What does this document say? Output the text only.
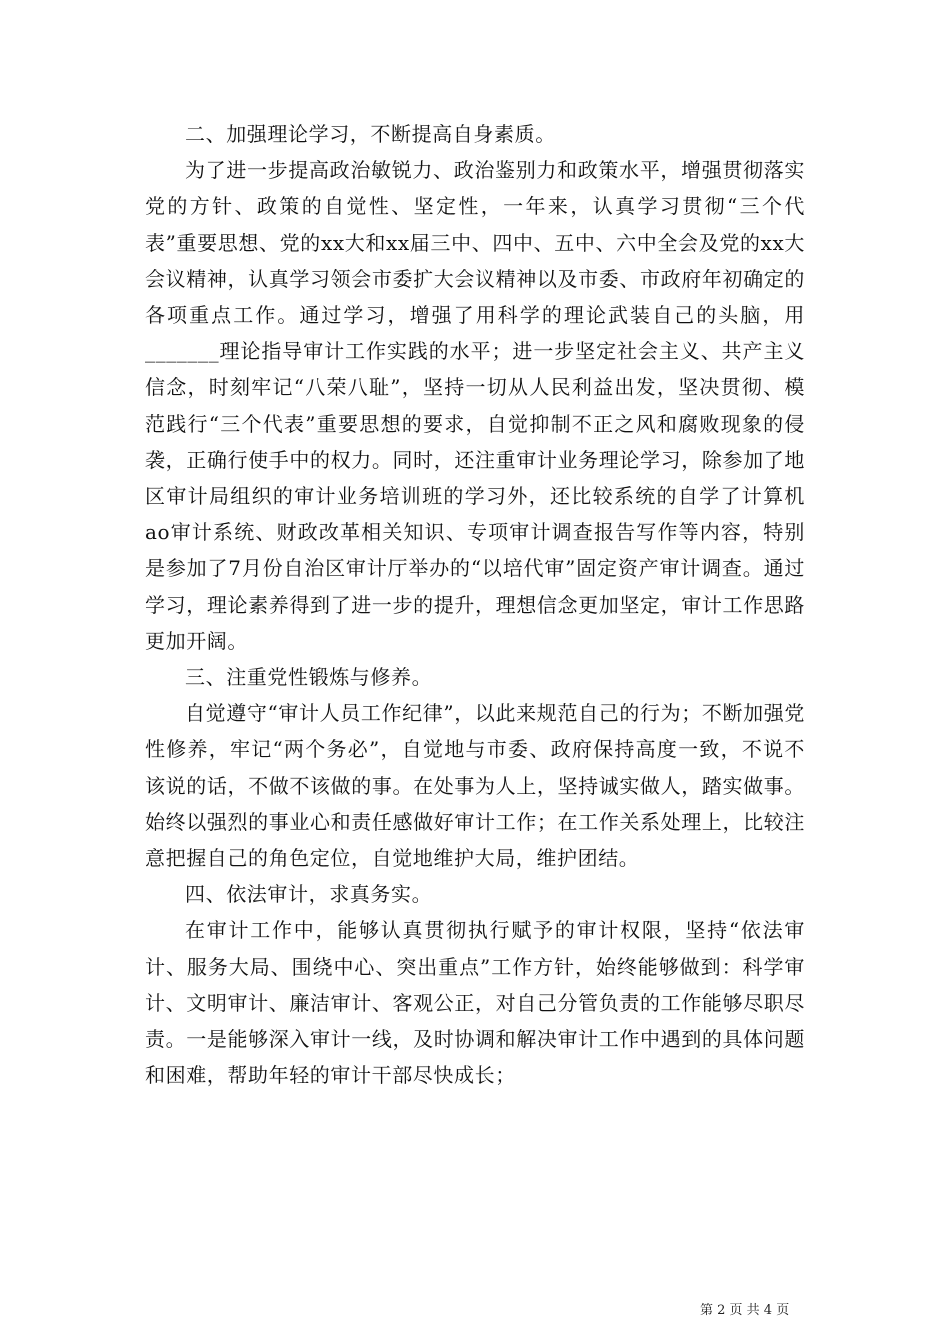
二、加强理论学习，不断提高自身素质。

为了进一步提高政治敏锐力、政治鉴别力和政策水平，增强贯彻落实党的方针、政策的自觉性、坚定性，一年来，认真学习贯彻“三个代表”重要思想、党的xx大和xx届三中、四中、五中、六中全会及党的xx大会议精神，认真学习领会市委扩大会议精神以及市委、市政府年初确定的各项重点工作。通过学习，增强了用科学的理论武装自己的头脑，用_______理论指导审计工作实践的水平；进一步坚定社会主义、共产主义信念，时刻牢记“八荣八耻”，坚持一切从人民利益出发，坚决贯彻、模范践行“三个代表”重要思想的要求，自觉抑制不正之风和腐败现象的侵袭，正确行使手中的权力。同时，还注重审计业务理论学习，除参加了地区审计局组织的审计业务培训班的学习外，还比较系统的自学了计算机ao审计系统、财政改革相关知识、专项审计调查报告写作等内容，特别是参加了7月份自治区审计厅举办的“以培代审”固定资产审计调查。通过学习，理论素养得到了进一步的提升，理想信念更加坚定，审计工作思路更加开阔。

三、注重党性锻炼与修养。

自觉遵守“审计人员工作纪律”，以此来规范自己的行为；不断加强党性修养，牢记“两个务必”，自觉地与市委、政府保持高度一致，不说不该说的话，不做不该做的事。在处事为人上，坚持诚实做人，踏实做事。始终以强烈的事业心和责任感做好审计工作；在工作关系处理上，比较注意把握自己的角色定位，自觉地维护大局，维护团结。

四、依法审计，求真务实。

在审计工作中，能够认真贯彻执行赋予的审计权限，坚持“依法审计、服务大局、围绕中心、突出重点”工作方针，始终能够做到：科学审计、文明审计、廉洁审计、客观公正，对自己分管负责的工作能够尽职尽责。一是能够深入审计一线，及时协调和解决审计工作中遇到的具体问题和困难，帮助年轻的审计干部尽快成长；

第 2 页 共 4 页
